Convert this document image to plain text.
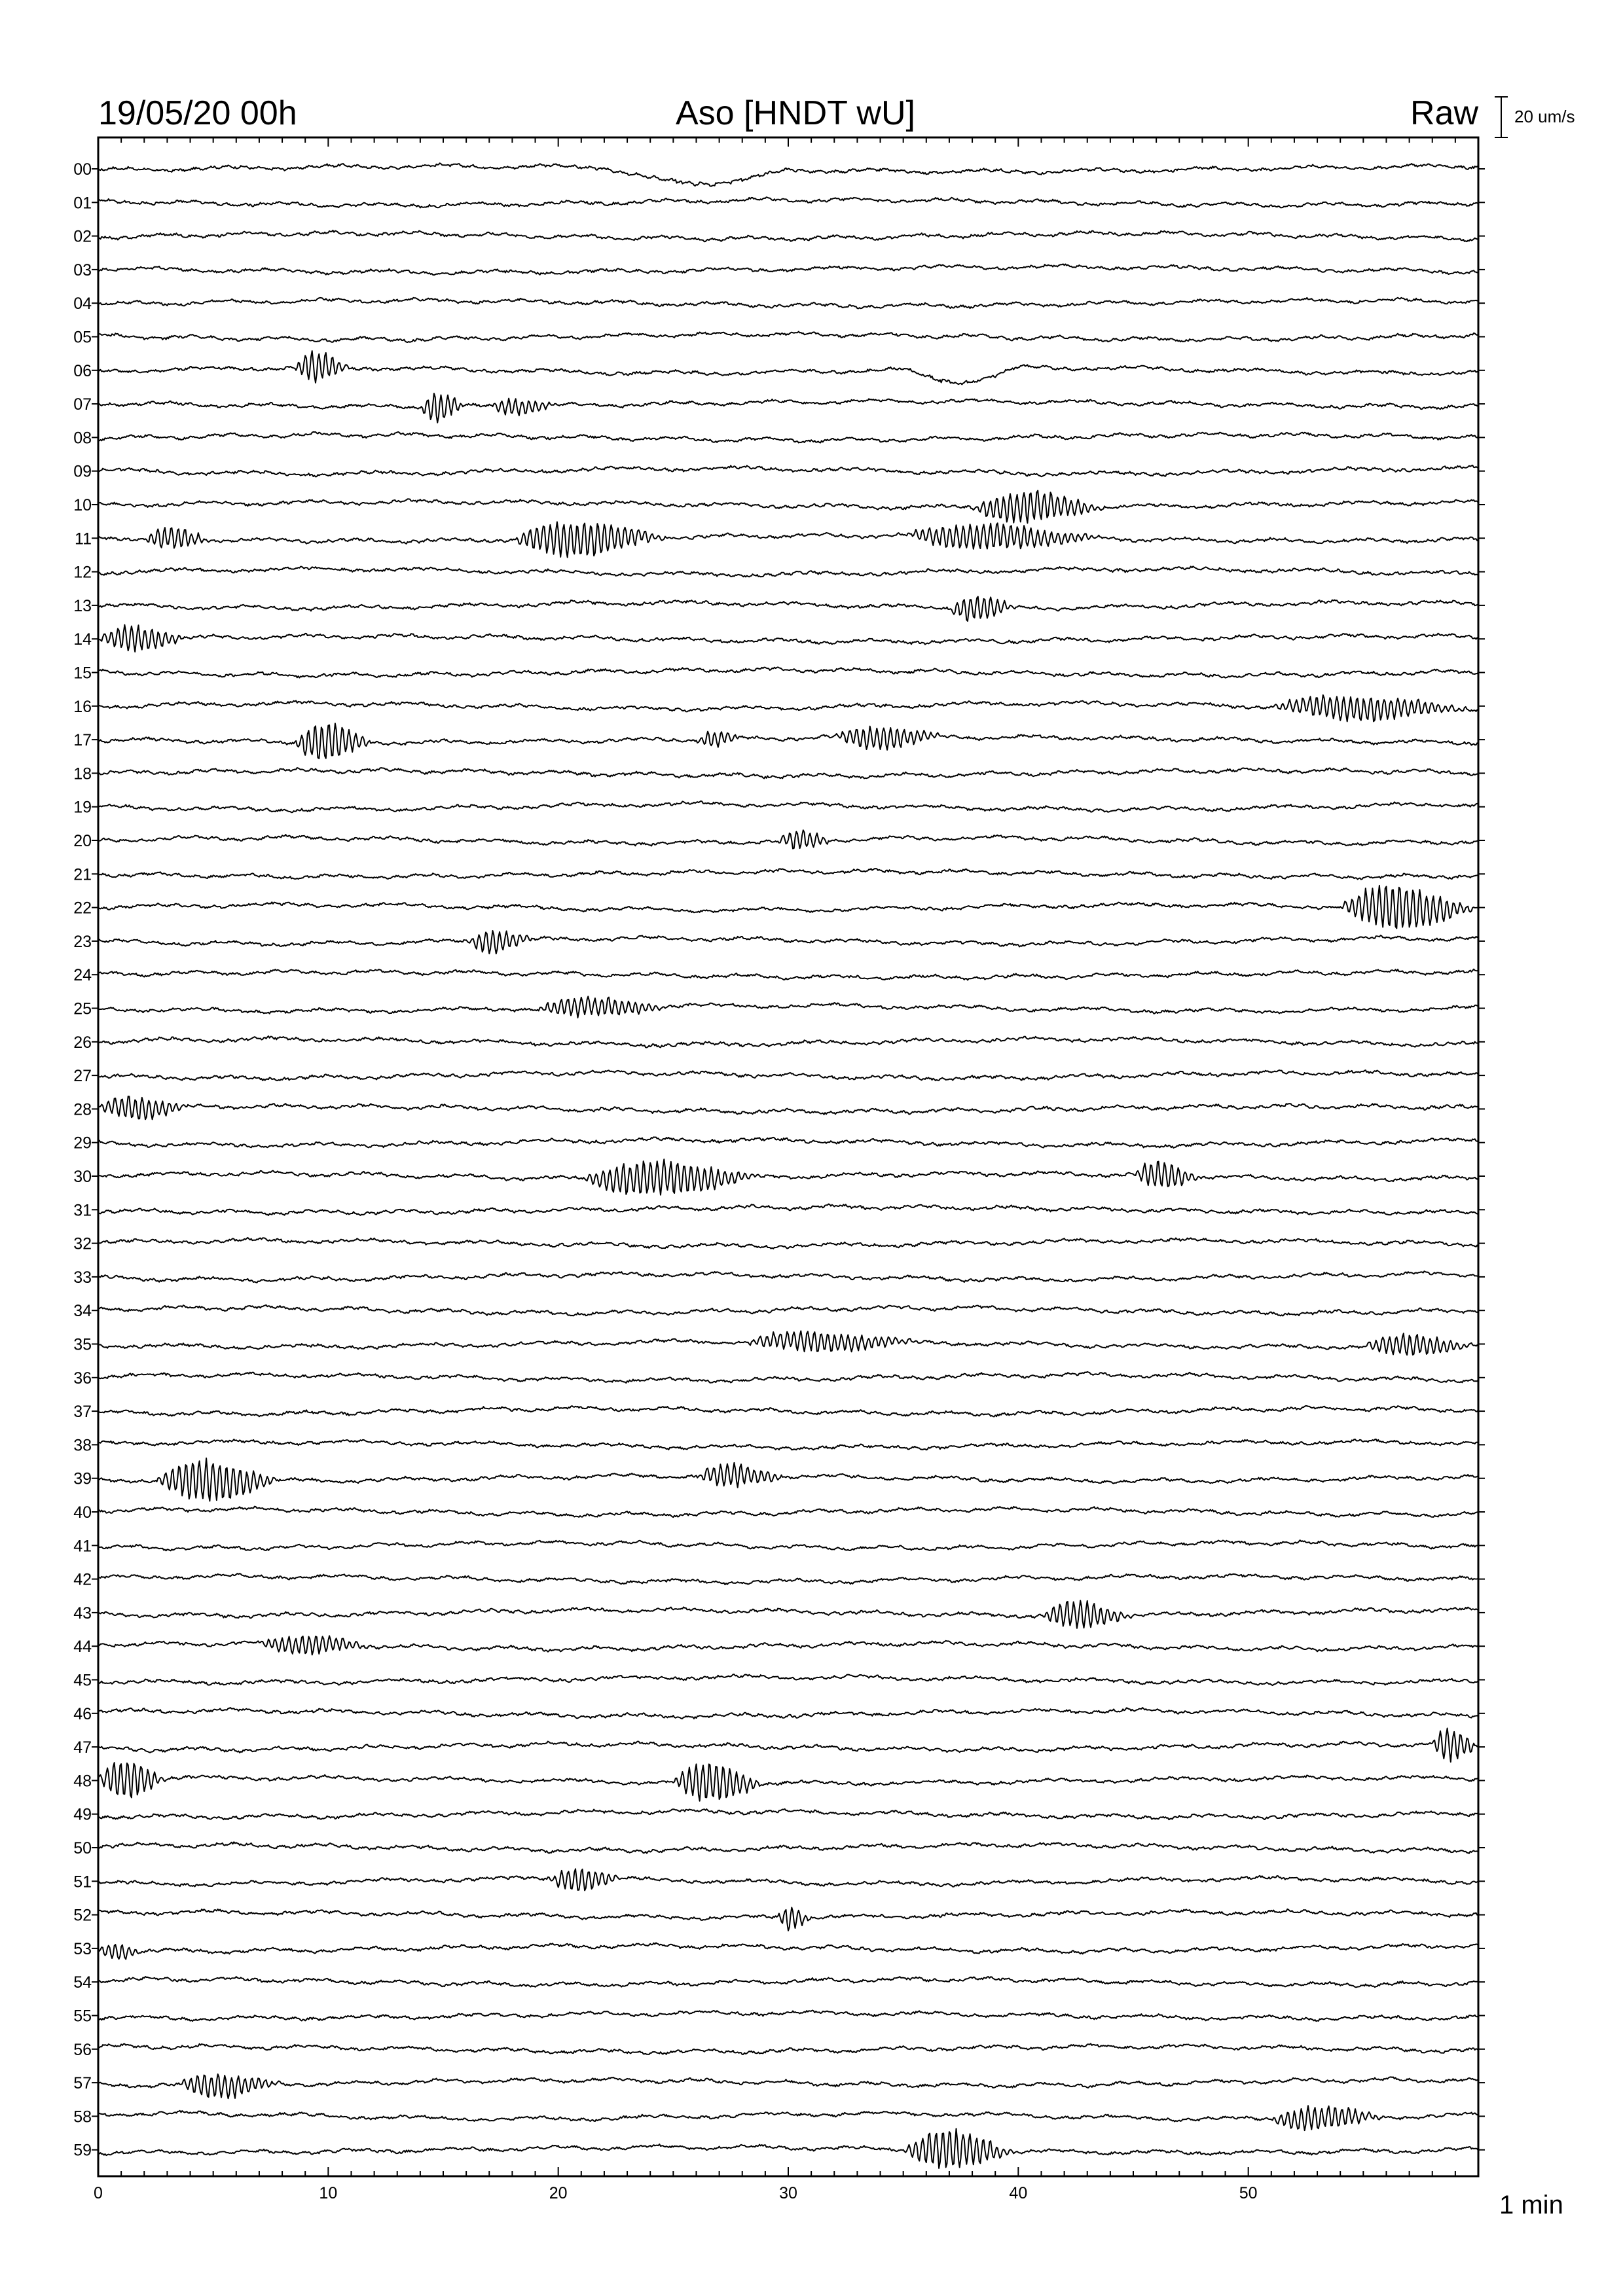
19/05/20 00h	Aso [HNDT wU]	Raw 20 um/s
00
01
02
03
04
05
06
07
08
09
10
11
12
13
14
15
16
17
18
19
20
21
22
23
24
25
26
27
28
29
30
31
32
33
34
35
36
37
38
39
40
41
42
43
44
45
46
47
48
49
50
51
52
53
54
55
56
57
58
59
0	10	20	30	40	50	1 min
